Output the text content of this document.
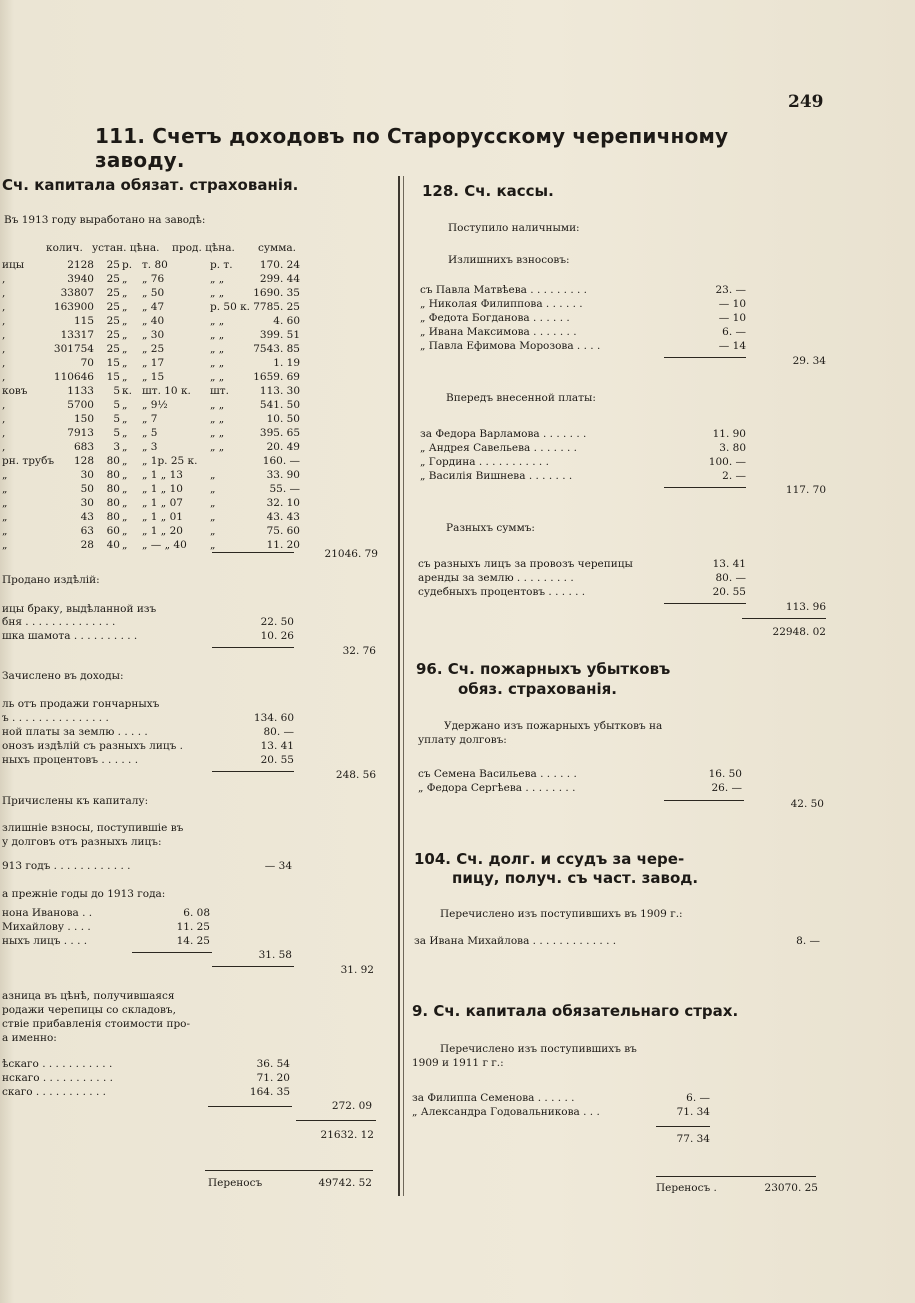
249
111. Счетъ доходовъ по Старорусскому черепичному заводу.
Сч. капитала обязат. страхованія.
Въ 1913 году выработано на заводѣ:
колич. устан. цѣна. прод. цѣна. сумма.
ицы	2128	25 р. т. 80	р. т.	170. 24
,	3940	25 „ „ 76	„ „	299. 44
,	33807	25 „ „ 50	„ „	1690. 35
,	163900	25 „ „ 47	р. 50 к. 7785. 25
,	115	25 „ „ 40	„ „	4. 60
,	13317	25 „ „ 30	„ „	399. 51
,	301754	25 „ „ 25	„ „	7543. 85
,	70	15 „ „ 17	„ „	1. 19
,	110646	15 „ „ 15	„ „	1659. 69
ковъ	1133	5 к. шт. 10 к. шт.	113. 30
,	5700	5 „ „ 9½	„ „	541. 50
,	150	5 „ „ 7	„ „	10. 50
,	7913	5 „ „ 5	„ „	395. 65
,	683	3 „ „ 3	„ „	20. 49
рн. трубъ	128	80 „ „ 1р. 25 к.	160. —
„	30	80 „ „ 1 „ 13	„	33. 90
„	50	80 „ „ 1 „ 10	„	55. —
„	30	80 „ „ 1 „ 07	„	32. 10
„	43	80 „ „ 1 „ 01	„	43. 43
„	63	60 „ „ 1 „ 20	„	75. 60
„	28	40 „ „ — „ 40 „	11. 20
21046. 79
Продано издѣлій:
ицы браку, выдѣланной изъ
бня . . . . . . . . . . . . . .	22. 50
шка шамота . . . . . . . . . .	10. 26
32. 76
Зачислено въ доходы:
ль отъ продажи гончарныхъ
ъ . . . . . . . . . . . . . . .	134. 60
ной платы за землю . . . . .	80. —
онозъ издѣлій съ разныхъ лицъ .	13. 41
ныхъ процентовъ . . . . . .	20. 55
248. 56
Причислены къ капиталу:
злишніе взносы, поступившіе въ
у долговъ отъ разныхъ лицъ:
913 годъ . . . . . . . . . . . .	— 34
а прежніе годы до 1913 года:
нона Иванова . .	6. 08
Михайлову . . . .	11. 25
ныхъ лицъ . . . .	14. 25
31. 58
31. 92
азница въ цѣнѣ, получившаяся
родажи черепицы со складовъ,
ствіе прибавленія стоимости про-
а именно:
ѣскаго . . . . . . . . . . .	36. 54
нскаго . . . . . . . . . . .	71. 20
скаго . . . . . . . . . . .	164. 35
272. 09
21632. 12
Переносъ	49742. 52
128. Сч. кассы.
Поступило наличными:
Излишнихъ взносовъ:
съ Павла Матвѣева . . . . . . . . .	23. —
„ Николая Филиппова . . . . . .	— 10
„ Федота Богданова . . . . . .	— 10
„ Ивана Максимова . . . . . . .	6. —
„ Павла Ефимова Морозова . . . .	— 14
29. 34
Впередъ внесенной платы:
за Федора Варламова . . . . . . .	11. 90
„ Андрея Савельева . . . . . . .	3. 80
„ Гордина . . . . . . . . . . .	100. —
„ Василія Вишнева . . . . . . .	2. —
117. 70
Разныхъ суммъ:
съ разныхъ лицъ за провозъ черепицы	13. 41
аренды за землю . . . . . . . . .	80. —
судебныхъ процентовъ . . . . . .	20. 55
113. 96
22948. 02
96. Сч. пожарныхъ убытковъ
обяз. страхованія.
Удержано изъ пожарныхъ убытковъ на
уплату долговъ:
съ Семена Васильева . . . . . .	16. 50
„ Федора Сергѣева . . . . . . . .	26. —
42. 50
104. Сч. долг. и ссудъ за чере-
пицу, получ. съ част. завод.
Перечислено изъ поступившихъ въ 1909 г.:
за Ивана Михайлова . . . . . . . . . . . . .	8. —
9. Сч. капитала обязательнаго страх.
Перечислено изъ поступившихъ въ
1909 и 1911 г г.:
за Филиппа Семенова . . . . . .	6. —
„ Александра Годовальникова . . .	71. 34
77. 34
Переносъ .	23070. 25
